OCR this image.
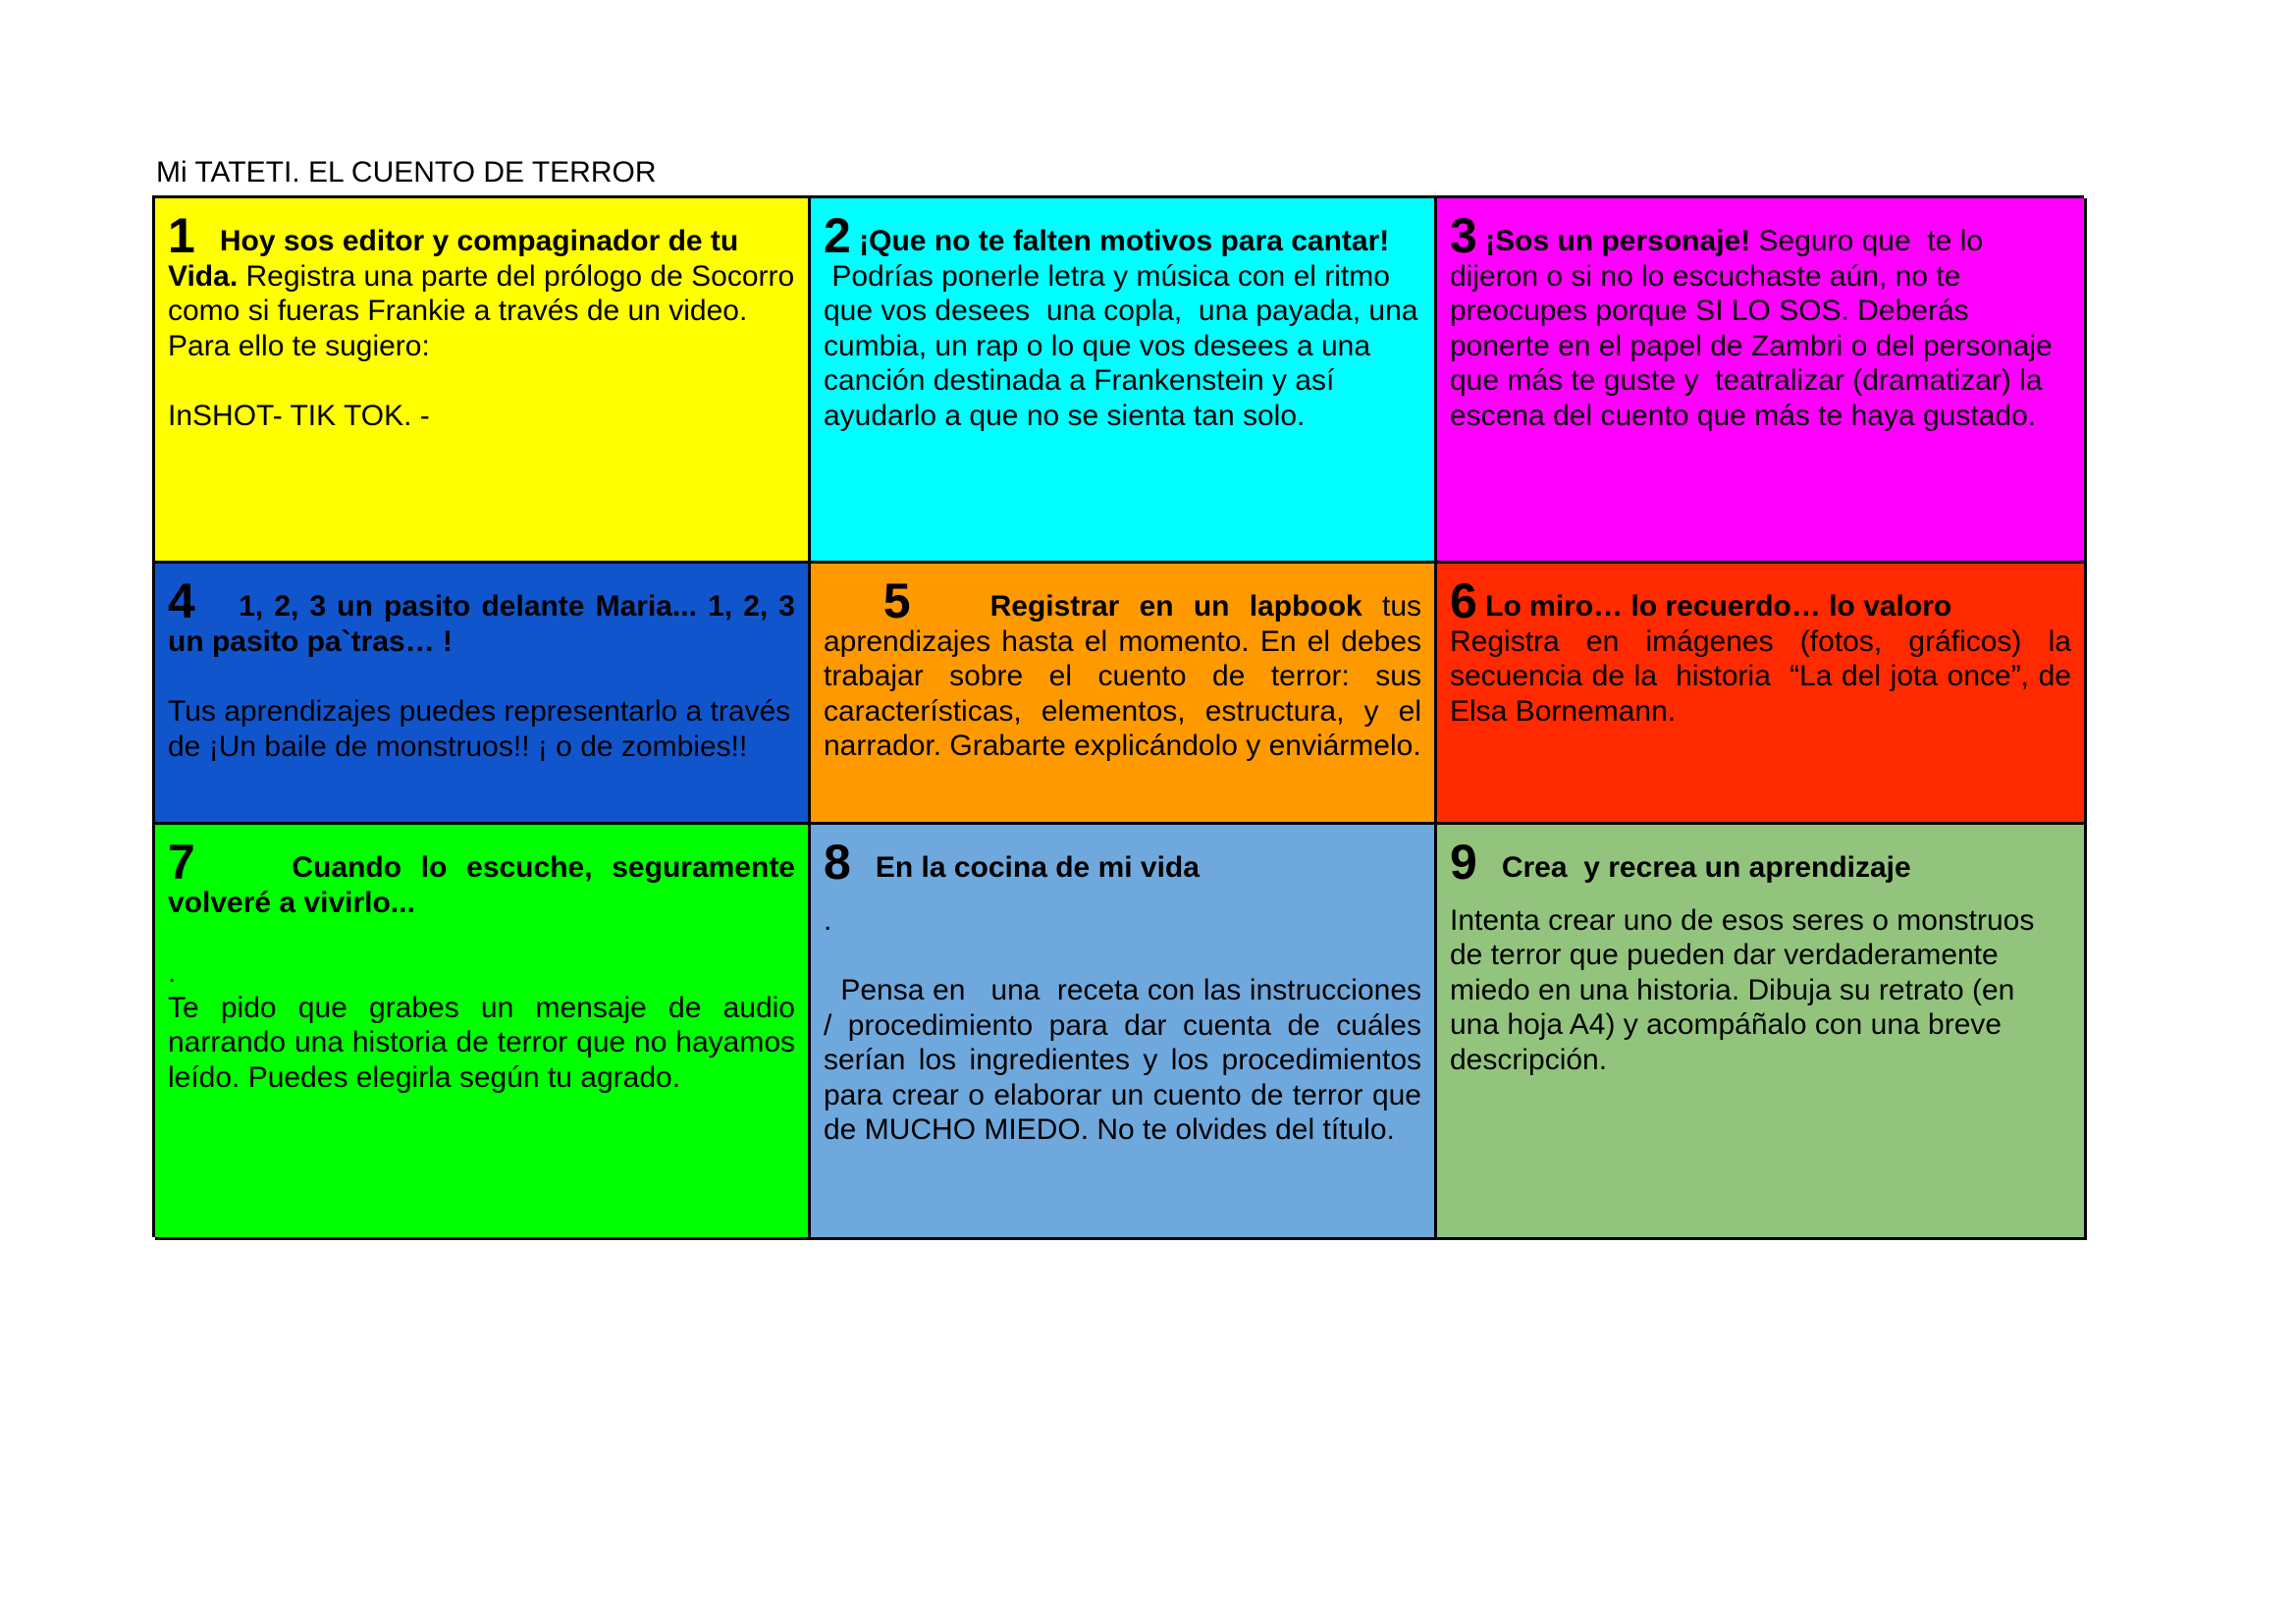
Mi TATETI. EL CUENTO DE TERROR

1 Hoy sos editor y compaginador de tu
Vida. Registra una parte del prólogo de Socorro como si fueras Frankie a través de un video.  Para ello te sugiero:

InSHOT- TIK TOK. -

2 ¡Que no te falten motivos para cantar!
Podrías ponerle letra y música con el ritmo que vos desees  una copla,  una payada, una cumbia, un rap o lo que vos desees a una canción destinada a Frankenstein y así ayudarlo a que no se sienta tan solo.

3 ¡Sos un personaje! Seguro que  te lo dijeron o si no lo escuchaste aún, no te preocupes porque SI LO SOS. Deberás ponerte en el papel de Zambri o del personaje que más te guste y  teatralizar (dramatizar) la escena del cuento que más te haya gustado.

4 1, 2, 3 un pasito delante Maria... 1, 2, 3

un pasito pa`tras… !

Tus aprendizajes puedes representarlo a través de ¡Un baile de monstruos!! ¡ o de zombies!!

5	Registrar en un lapbook tus aprendizajes hasta el momento. En el debes trabajar sobre el cuento de terror: sus características, elementos, estructura, y el narrador. Grabarte explicándolo y enviármelo.

6 Lo miro… lo recuerdo… lo valoro

Registra en imágenes (fotos, gráficos) la secuencia de la  historia  “La del jota once”, de Elsa Bornemann.

7	Cuando lo escuche, seguramente

volveré a vivirlo...

.

Te pido que grabes un mensaje de audio narrando una historia de terror que no hayamos leído. Puedes elegirla según tu agrado.

8 En la cocina de mi vida

.

Pensa en   una  receta con las instrucciones / procedimiento para dar cuenta de cuáles serían los ingredientes y los procedimientos para crear o elaborar un cuento de terror que de MUCHO MIEDO. No te olvides del título.

9 Crea  y recrea un aprendizaje

Intenta crear uno de esos seres o monstruos de terror que pueden dar verdaderamente miedo en una historia. Dibuja su retrato (en una hoja A4) y acompáñalo con una breve descripción.
